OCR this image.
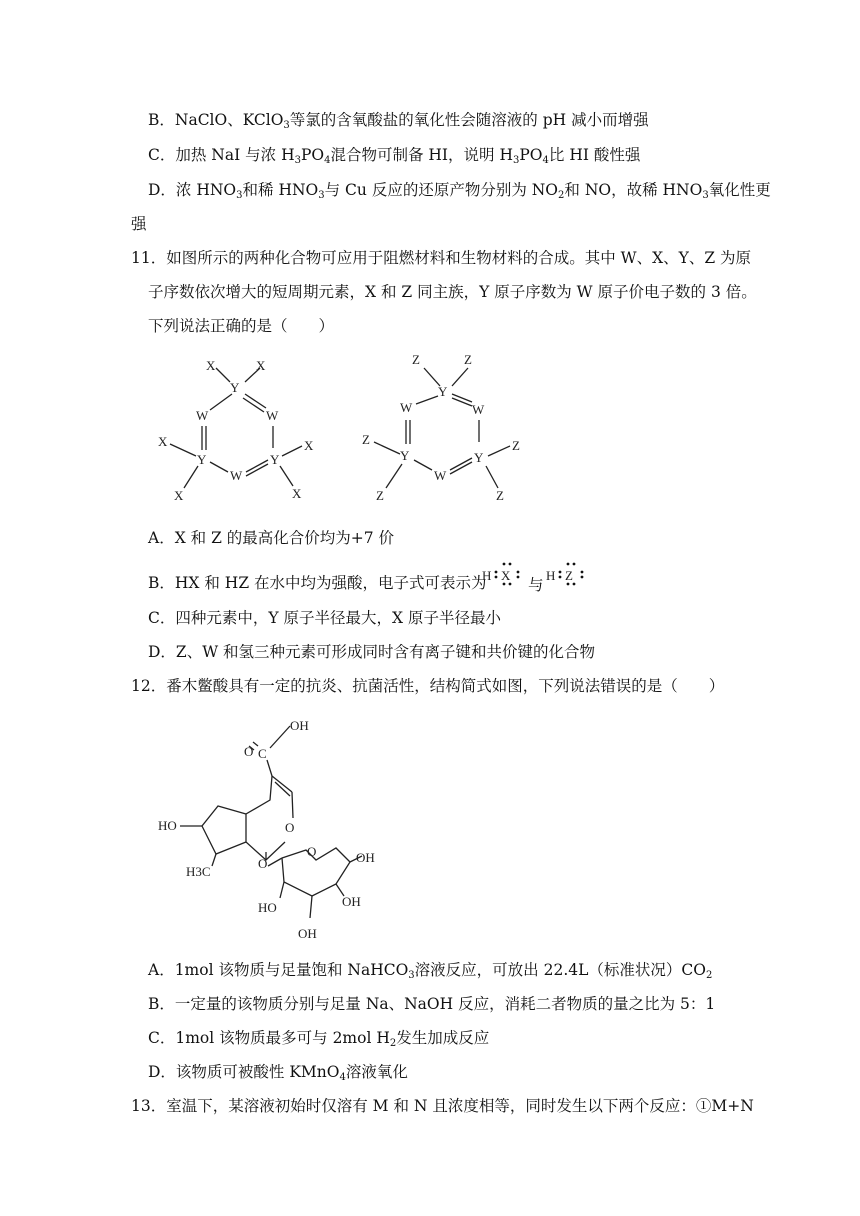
B．NaClO、KClO$_3$等氯的含氧酸盐的氧化性会随溶液的 pH 减小而增强
C．加热 NaI 与浓 $H_3PO_4$混合物可制备 HI，说明 $H_3PO_4$比 HI 酸性强
D．浓 $HNO_3$和稀 $HNO_3$与 Cu 反应的还原产物分别为 $NO_2$和 NO，故稀 $HNO_3$氧化性更
强
11．如图所示的两种化合物可应用于阻燃材料和生物材料的合成。其中 W、X、Y、Z 为原
子序数依次增大的短周期元素，X 和 Z 同主族，Y 原子序数为 W 原子价电子数的 3 倍。
下列说法正确的是（　　）
Y
X	X
W	W
Y	Y
W
X
X
X
X
Y
Z	Z
W	W
Y	Y
W
Z
Z
Z
Z
A．X 和 Z 的最高化合价均为+7 价
B．HX 和 HZ 在水中均为强酸，电子式可表示为
H X
与
H Z
C．四种元素中，Y 原子半径最大，X 原子半径最小
D．Z、W 和氢三种元素可形成同时含有离子键和共价键的化合物
12．番木鳖酸具有一定的抗炎、抗菌活性，结构简式如图，下列说法错误的是（　　）
OH
O C
O
HO
H3C
O
O	OH
HO	OH
OH
A．1mol 该物质与足量饱和 NaHCO$_3$溶液反应，可放出 22.4L（标准状况）$CO_2$
B．一定量的该物质分别与足量 Na、NaOH 反应，消耗二者物质的量之比为 5：1
C．1mol 该物质最多可与 2mol $H_2$发生加成反应
D．该物质可被酸性 KMnO$_4$溶液氧化
13．室温下，某溶液初始时仅溶有 M 和 N 且浓度相等，同时发生以下两个反应：①M+N
